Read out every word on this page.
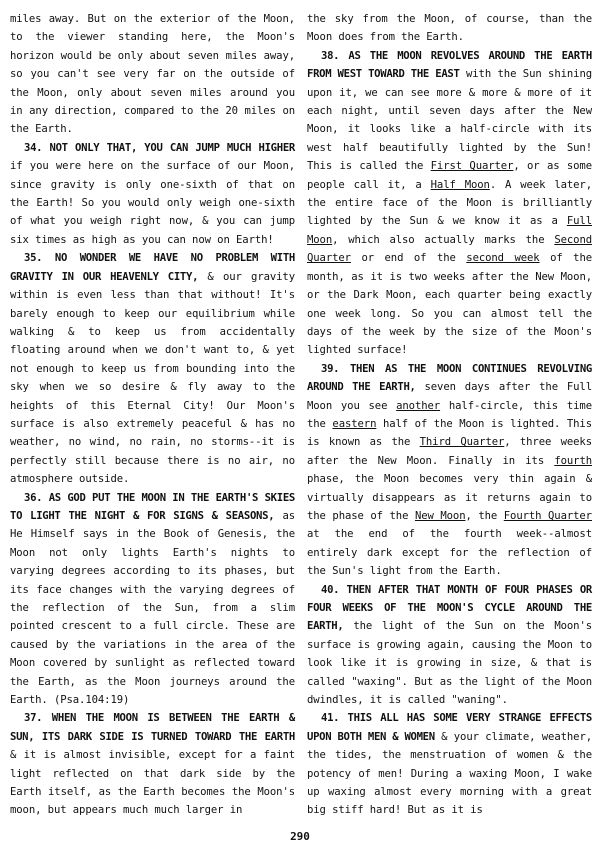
miles away. But on the exterior of the Moon, to the viewer standing here, the Moon's horizon would be only about seven miles away, so you can't see very far on the outside of the Moon, only about seven miles around you in any direction, compared to the 20 miles on the Earth.

34. NOT ONLY THAT, YOU CAN JUMP MUCH HIGHER if you were here on the surface of our Moon, since gravity is only one-sixth of that on the Earth! So you would only weigh one-sixth of what you weigh right now, & you can jump six times as high as you can now on Earth!

35. NO WONDER WE HAVE NO PROBLEM WITH GRAVITY IN OUR HEAVENLY CITY, & our gravity within is even less than that without! It's barely enough to keep our equilibrium while walking & to keep us from accidentally floating around when we don't want to, & yet not enough to keep us from bounding into the sky when we so desire & fly away to the heights of this Eternal City! Our Moon's surface is also extremely peaceful & has no weather, no wind, no rain, no storms--it is perfectly still because there is no air, no atmosphere outside.

36. AS GOD PUT THE MOON IN THE EARTH'S SKIES TO LIGHT THE NIGHT & FOR SIGNS & SEASONS, as He Himself says in the Book of Genesis, the Moon not only lights Earth's nights to varying degrees according to its phases, but its face changes with the varying degrees of the reflection of the Sun, from a slim pointed crescent to a full circle. These are caused by the variations in the area of the Moon covered by sunlight as reflected toward the Earth, as the Moon journeys around the Earth. (Psa.104:19)

37. WHEN THE MOON IS BETWEEN THE EARTH & SUN, ITS DARK SIDE IS TURNED TOWARD THE EARTH & it is almost invisible, except for a faint light reflected on that dark side by the Earth itself, as the Earth becomes the Moon's moon, but appears much much larger in

the sky from the Moon, of course, than the Moon does from the Earth.

38. AS THE MOON REVOLVES AROUND THE EARTH FROM WEST TOWARD THE EAST with the Sun shining upon it, we can see more & more & more of it each night, until seven days after the New Moon, it looks like a half-circle with its west half beautifully lighted by the Sun! This is called the First Quarter, or as some people call it, a Half Moon. A week later, the entire face of the Moon is brilliantly lighted by the Sun & we know it as a Full Moon, which also actually marks the Second Quarter or end of the second week of the month, as it is two weeks after the New Moon, or the Dark Moon, each quarter being exactly one week long. So you can almost tell the days of the week by the size of the Moon's lighted surface!

39. THEN AS THE MOON CONTINUES REVOLVING AROUND THE EARTH, seven days after the Full Moon you see another half-circle, this time the eastern half of the Moon is lighted. This is known as the Third Quarter, three weeks after the New Moon. Finally in its fourth phase, the Moon becomes very thin again & virtually disappears as it returns again to the phase of the New Moon, the Fourth Quarter at the end of the fourth week--almost entirely dark except for the reflection of the Sun's light from the Earth.

40. THEN AFTER THAT MONTH OF FOUR PHASES OR FOUR WEEKS OF THE MOON'S CYCLE AROUND THE EARTH, the light of the Sun on the Moon's surface is growing again, causing the Moon to look like it is growing in size, & that is called "waxing". But as the light of the Moon dwindles, it is called "waning".

41. THIS ALL HAS SOME VERY STRANGE EFFECTS UPON BOTH MEN & WOMEN & your climate, weather, the tides, the menstruation of women & the potency of men! During a waxing Moon, I wake up waxing almost every morning with a great big stiff hard! But as it is

290
